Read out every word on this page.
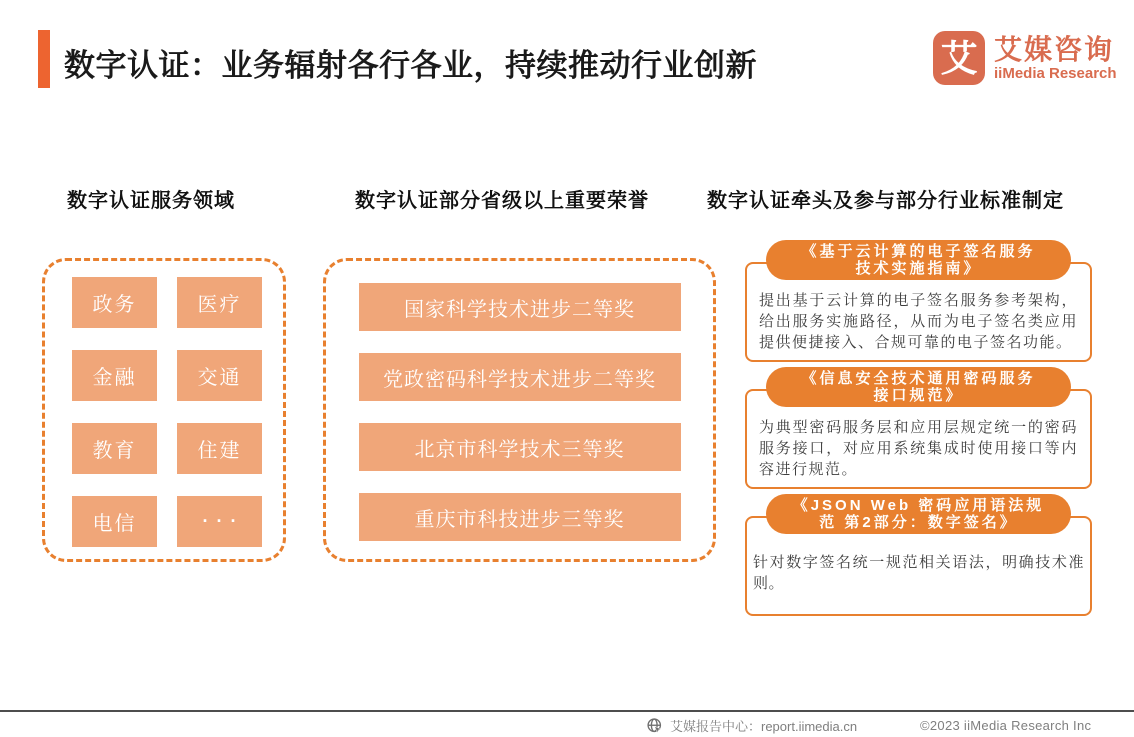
数字认证：业务辐射各行各业，持续推动行业创新	艾 艾媒咨询
iiMedia Research
数字认证服务领域	数字认证部分省级以上重要荣誉	数字认证牵头及参与部分行业标准制定
政务	医疗
金融	交通
教育	住建
电信	···
国家科学技术进步二等奖
党政密码科学技术进步二等奖
北京市科学技术三等奖
重庆市科技进步三等奖
《基于云计算的电子签名服务
技术实施指南》
提出基于云计算的电子签名服务参考架构，给出服务实施路径，从而为电子签名类应用提供便捷接入、合规可靠的电子签名功能。
《信息安全技术通用密码服务
接口规范》
为典型密码服务层和应用层规定统一的密码服务接口，对应用系统集成时使用接口等内容进行规范。
《JSON Web 密码应用语法规
范 第2部分：数字签名》
针对数字签名统一规范相关语法，明确技术准则。
艾媒报告中心：report.iimedia.cn	©2023 iiMedia Research Inc
